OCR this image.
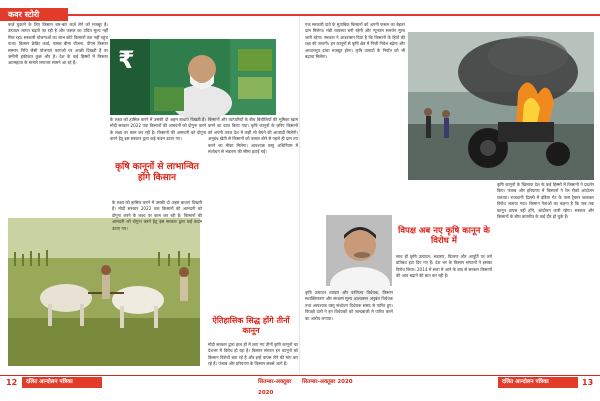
कवर स्टोरी
कर्ज़ चुकाने के लिए किसान बार-बार कर्ज़ लेने को मजबूर हैं। उत्पादन लागत बढ़ती जा रही है और फसल का उचित मूल्य नहीं मिल रहा। सरकारी योजनाओं का लाभ छोटे किसानों तक नहीं पहुंच पाता। किसान क्रेडिट कार्ड, फसल बीमा योजना, पीएम किसान सम्मान निधि जैसी योजनाएं कागज़ों पर अच्छी दिखती हैं पर ज़मीनी हकीकत कुछ और है। देश के कई हिस्सों में किसान आत्महत्या के मामले लगातार सामने आ रहे हैं।	₹
के लक्ष्य को हासिल करने में उसकी दो अहम बाधाएं दिखती हैं। मोदी सरकार 2022 तक किसानों की आमदनी को दोगुना करने के लक्ष्य पर काम कर रही है। किसानों की आमदनी को दोगुना करने हेतु इस सरकार द्वारा कई कदम उठाए गए।
कृषि कानूनों से लाभान्वित होंगे किसान
के लक्ष्य को हासिल करने में उसकी दो अहम बाधाएं दिखती हैं। मोदी सरकार 2022 तक किसानों की आमदनी को दोगुना करने के लक्ष्य पर काम कर रही है। किसानों की आमदनी को दोगुना करने हेतु इस सरकार द्वारा कई कदम उठाए गए।
किसानों और व्यापारियों के बीच बिचौलियों की भूमिका खत्म करने का दावा किया गया। कृषि कानूनों के ज़रिए किसानों को अपनी उपज देश में कहीं भी बेचने की आज़ादी मिलेगी। अनुबंध खेती से किसानों को फसल बोने से पहले ही दाम तय करने का मौका मिलेगा। आवश्यक वस्तु अधिनियम में संशोधन से भंडारण की सीमा हटाई गई।
ऐतिहासिक सिद्ध होंगे तीनों कानून
मोदी सरकार द्वारा हाल ही में लाए गए तीनों कृषि कानूनों का देशभर में विरोध हो रहा है। किसान संगठन इन कानूनों को किसान विरोधी बता रहे हैं और इन्हें वापस लेने की मांग कर रहे हैं। पंजाब और हरियाणा के किसान सबसे आगे हैं।
एक सरकारी दावे के मुताबिक किसानों को अपनी फसल का बेहतर दाम मिलेगा। मंडी व्यवस्था बनी रहेगी और न्यूनतम समर्थन मूल्य जारी रहेगा। सरकार ने आश्वासन दिया है कि किसानों के हितों की रक्षा की जाएगी। इन कानूनों से कृषि क्षेत्र में निजी निवेश बढ़ेगा और आधारभूत ढांचा मज़बूत होगा। कृषि उत्पादों के निर्यात को भी बढ़ावा मिलेगा।
विपक्ष अब नए कृषि कानून के विरोध में
साथ ही कृषि उत्पादन, भंडारण, वितरण और आपूर्ति पर लगे प्रतिबंध हटा दिए गए हैं। देश भर के किसान संगठनों ने इसका विरोध किया। 2014 में सत्ता में आने के बाद से सरकार किसानों की आय बढ़ाने की बात कर रही है।
कृषि उत्पादन व्यापार और वाणिज्य विधेयक, किसान सशक्तिकरण और संरक्षण मूल्य आश्वासन अनुबंध विधेयक तथा आवश्यक वस्तु संशोधन विधेयक संसद से पारित हुए। विपक्षी दलों ने इन विधेयकों को जल्दबाज़ी में पारित करने का आरोप लगाया।
कृषि कानूनों के खिलाफ देश के कई हिस्सों में किसानों ने प्रदर्शन किए। पंजाब और हरियाणा में किसानों ने रेल रोको आंदोलन चलाया। राजधानी दिल्ली में इंडिया गेट के पास ट्रैक्टर जलाकर विरोध जताया गया। किसान नेताओं का कहना है कि जब तक कानून वापस नहीं होंगे, आंदोलन जारी रहेगा। सरकार और किसानों के बीच बातचीत के कई दौर हो चुके हैं।
12	दलित आन्दोलन पत्रिका	सितम्बर-अक्तूबर 2020
सितम्बर-अक्तूबर 2020	दलित आन्दोलन पत्रिका	13
